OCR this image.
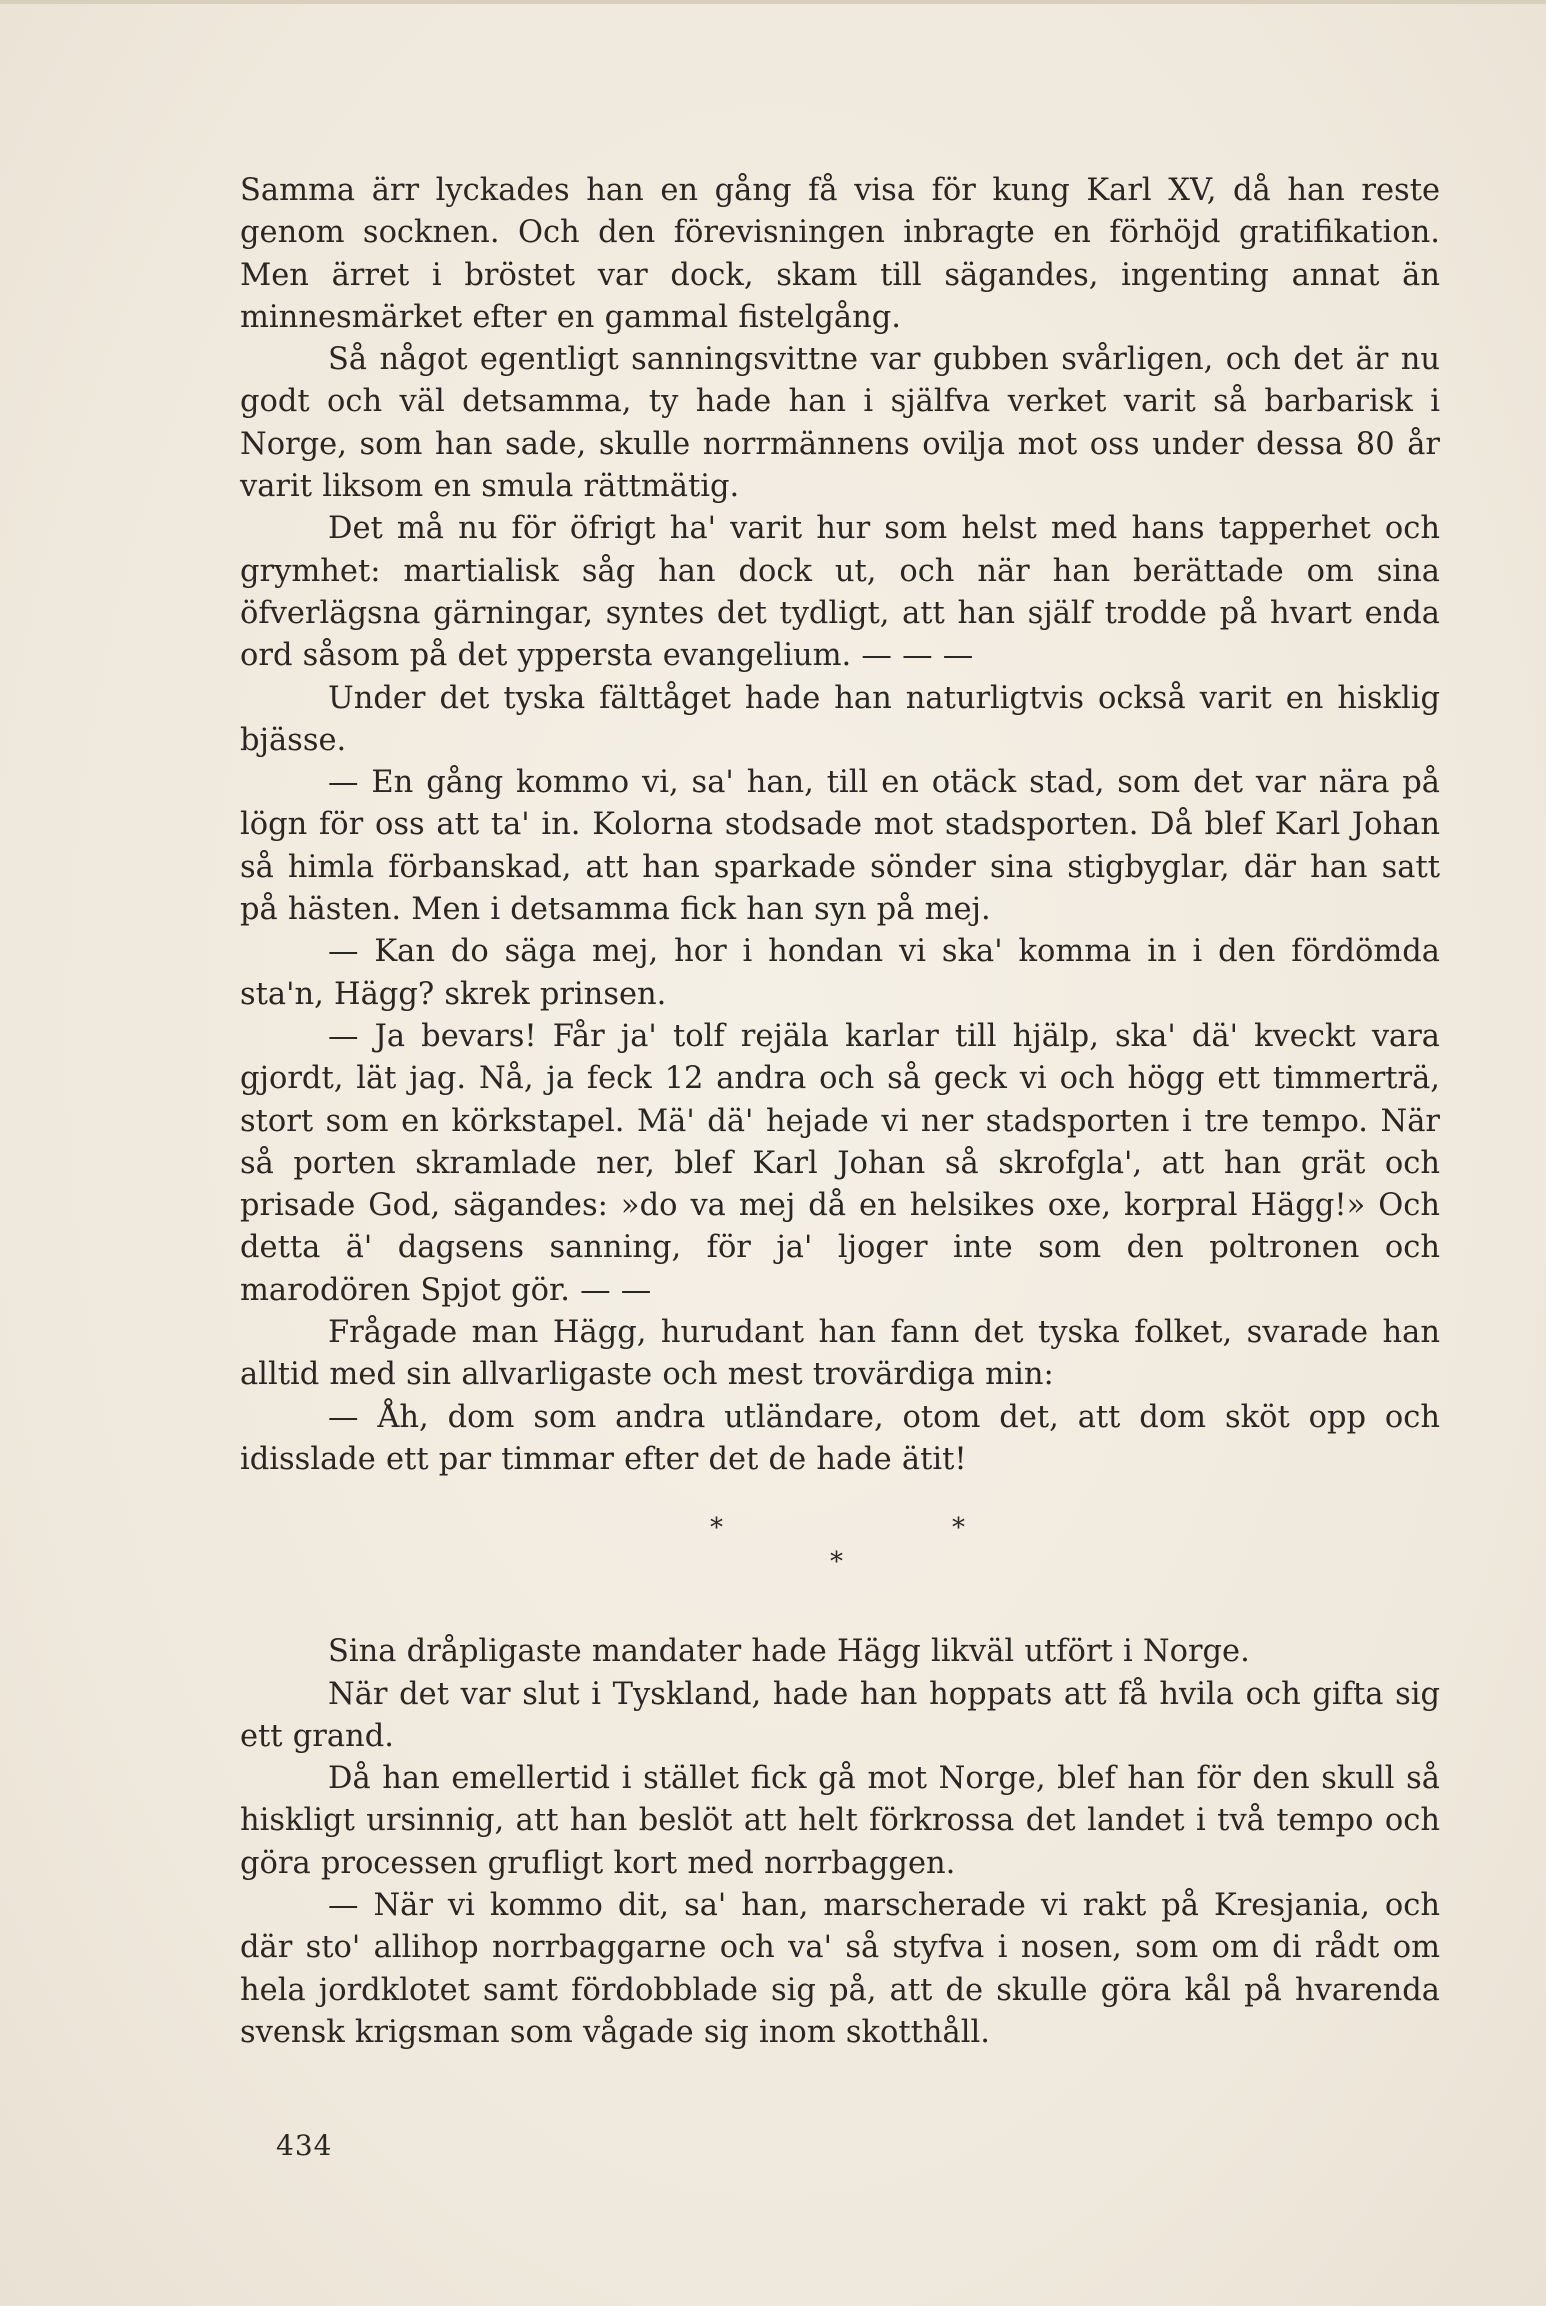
Samma ärr lyckades han en gång få visa för kung Karl XV, då han reste genom socknen. Och den förevisningen inbragte en förhöjd gratifikation. Men ärret i bröstet var dock, skam till sägandes, ingenting annat än minnesmärket efter en gammal fistelgång.

Så något egentligt sanningsvittne var gubben svårligen, och det är nu godt och väl detsamma, ty hade han i själfva verket varit så barbarisk i Norge, som han sade, skulle norrmännens ovilja mot oss under dessa 80 år varit liksom en smula rättmätig.

Det må nu för öfrigt ha' varit hur som helst med hans tapperhet och grymhet: martialisk såg han dock ut, och när han berättade om sina öfverlägsna gärningar, syntes det tydligt, att han själf trodde på hvart enda ord såsom på det yppersta evangelium. — — —

Under det tyska fälttåget hade han naturligtvis också varit en hisklig bjässe.

— En gång kommo vi, sa' han, till en otäck stad, som det var nära på lögn för oss att ta' in. Kolorna stodsade mot stadsporten. Då blef Karl Johan så himla förbanskad, att han sparkade sönder sina stigbyglar, där han satt på hästen. Men i detsamma fick han syn på mej.

— Kan do säga mej, hor i hondan vi ska' komma in i den fördömda sta'n, Hägg? skrek prinsen.

— Ja bevars! Får ja' tolf rejäla karlar till hjälp, ska' dä' kveckt vara gjordt, lät jag. Nå, ja feck 12 andra och så geck vi och högg ett timmerträ, stort som en körkstapel. Mä' dä' hejade vi ner stadsporten i tre tempo. När så porten skramlade ner, blef Karl Johan så skrofgla', att han grät och prisade God, sägandes: »do va mej då en helsikes oxe, korpral Hägg!» Och detta ä' dagsens sanning, för ja' ljoger inte som den poltronen och marodören Spjot gör. — —

Frågade man Hägg, hurudant han fann det tyska folket, svarade han alltid med sin allvarligaste och mest trovärdiga min:

— Åh, dom som andra utländare, otom det, att dom sköt opp och idisslade ett par timmar efter det de hade ätit!

*
*
*

Sina dråpligaste mandater hade Hägg likväl utfört i Norge.

När det var slut i Tyskland, hade han hoppats att få hvila och gifta sig ett grand.

Då han emellertid i stället fick gå mot Norge, blef han för den skull så hiskligt ursinnig, att han beslöt att helt förkrossa det landet i två tempo och göra processen grufligt kort med norrbaggen.

— När vi kommo dit, sa' han, marscherade vi rakt på Kresjania, och där sto' allihop norrbaggarne och va' så styfva i nosen, som om di rådt om hela jordklotet samt fördobblade sig på, att de skulle göra kål på hvarenda svensk krigsman som vågade sig inom skotthåll.

434
